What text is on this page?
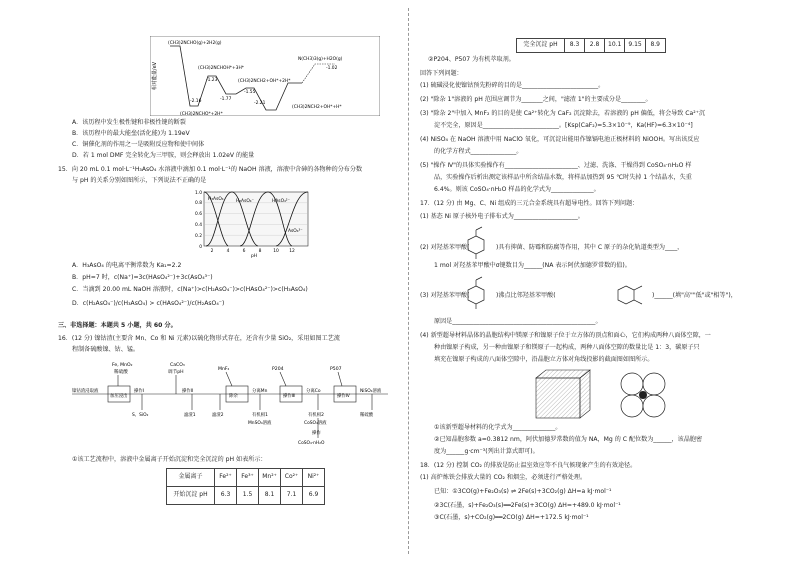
相对能量/eV
(CH3)2NCHO(g)+2H2(g)
(CH3)2NCHO*+2H*
-2.16
(CH3)2NCHOH*+3H*
-1.23
-1.77
(CH3)2NCH2+OH*+2H*
-1.55
-2.21
(CH3)2NCH2+OH*+H*
N(CH3)3(g)+H2O(g)
-1.02
A．该历程中发生极性键和非极性键的断裂
B．该历程中的最大能垒(活化能)为 1.19eV
C．铜催化剂的作用之一是吸附反应物和使中间体
D．若 1 mol DMF 完全转化为三甲胺，则会释放出 1.02eV 的能量
15．向 20 mL 0.1 mol·L⁻¹H₃AsO₄ 水溶液中滴加 0.1 mol·L⁻¹的 NaOH 溶液，溶液中含砷的各物种的分布分数
与 pH 的关系分别如图所示，下列说法不正确的是
H₃AsO₄	H₂AsO₄⁻	HAsO₄²⁻
AsO₄³⁻
0
0.2
0.4
0.6
0.8
1.0
2	4	6	8	10 12
pH
A．H₃AsO₄ 的电离平衡常数为 Ka₁=2.2
B．pH=7 时，c(Na⁺)=3c(HAsO₄²⁻)+3c(AsO₄³⁻)
C．当滴到 20.00 mL NaOH 溶液时，c(Na⁺)>c(H₂AsO₄⁻)>c(HAsO₄²⁻)>c(H₃AsO₄)
D．c(H₂AsO₄⁻)/c(H₃AsO₄) > c(HAsO₄²⁻)/c(H₂AsO₄⁻)
三、非选择题：本题共 5 小题，共 60 分。
16．(12 分) 镍钴渣(主要含 Mn、Co 和 Ni 元素)以硫化物形式存在，还含有少量 SiO₂，采用如图工艺流
程制备硫酸镍、钴、锰。
Fe, MnO₂
稀硫酸
CaCO₃
调节pH
MnF₂	P204	P507
镍钴渣浸取液
加压浸出
操作Ⅰ	操作Ⅱ
除杂
分离Mn
操作Ⅲ
分离Co
操作Ⅳ
NiSO₄溶液
S、SiO₂	滤渣1	滤渣2	有机相1	有机相2	稀硫酸
MnSO₄溶液	CoSO₄溶液
操作
CoSO₄·nH₂O
①该工艺流程中，溶液中金属离子开始沉淀和完全沉淀的 pH 如表所示：
金属离子	Fe²⁺	Fe³⁺	Mn²⁺	Co²⁺	Ni²⁺
开始沉淀 pH	6.3	1.5	8.1	7.1	6.9
完全沉淀 pH	8.3	2.8	10.1	9.15	8.9
②P204、P507 为有机萃取剂。
回答下列问题：
(1) 硫磺浸化使镍钴预先粉碎的目的是_________________________。
(2) "除杂 1"溶液的 pH 范围应调节为_______之间，"滤渣 1"的主要成分是________。
(3) "除杂 2"中加入 MnF₂ 的目的是使 Ca²⁺转化为 CaF₂ 沉淀除去，若溶液的 pH 偏低，将会导致 Ca²⁺沉
淀不完全，原因是_________________________。[Ksp(CaF₂)=5.3×10⁻⁹，Ka(HF)=6.3×10⁻⁴]
(4) NiSO₄ 在 NaOH 溶液中用 NaClO 氧化，可沉淀出能用作镍镉电池正极材料的 NiOOH。写出该反应
的化学方程式_______________。
(5) "操作 Ⅳ"的具体实验操作有________________________、过滤、洗涤、干燥得到 CoSO₄·nH₂O 样
品，实验操作后析出测定该样品中所含结晶水数，将样品加热到 95 ℃时失掉 1 个结晶水，失重
6.4%。则该 CoSO₄·nH₂O 样品的化学式为______________。
17．(12 分) 由 Mg、C、Ni 组成的三元合金系统具有超导电性。回答下列问题：
(1) 基态 Ni 原子核外电子排布式为_____________________。
(2) 对羟基苯甲酸(	)具有抑菌、防霉和防腐等作用，其中 C 原子的杂化轨道类型为____，
1 mol 对羟基苯甲酸中σ键数目为______(NA 表示阿伏加德罗常数的值)。
(3) 对羟基苯甲酸(	)沸点比邻羟基苯甲酸(	)______(填"高""低"或"相等")，
原因是_______________________________________________。
(4) 新型超导材料晶体的晶胞结构中镁原子和镍原子位于立方体的顶点和面心，它们构成两种八面体空隙，一
种由镍原子构成，另一种由镍原子和镁原子一起构成，两种八面体空隙的数量比是 1：3，碳原子只
填充在镍原子构成的八面体空隙中，沿晶胞立方体对角线投影的截面图如图所示。
①该新型超导材料的化学式为______________。
②已知晶胞参数 a=0.3812 nm，阿伏加德罗常数的值为 NA，Mg 的 C 配位数为______，该晶胞密
度为______g·cm⁻³(列出计算式即可)。
18．(12 分) 控制 CO₂ 的排放是防止温室效应等不良气候现象产生的有效途径。
(1) 高炉炼铁会排放大量的 CO₂ 和烟尘，必须进行严格处理。
已知：①3CO(g)+Fe₂O₃(s) ⇌ 2Fe(s)+3CO₂(g) ΔH=a kJ·mol⁻¹
②3C(石墨，s)+Fe₂O₃(s)══2Fe(s)+3CO(g) ΔH=+489.0 kJ·mol⁻¹
③C(石墨，s)+CO₂(g)══2CO(g) ΔH=+172.5 kJ·mol⁻¹
